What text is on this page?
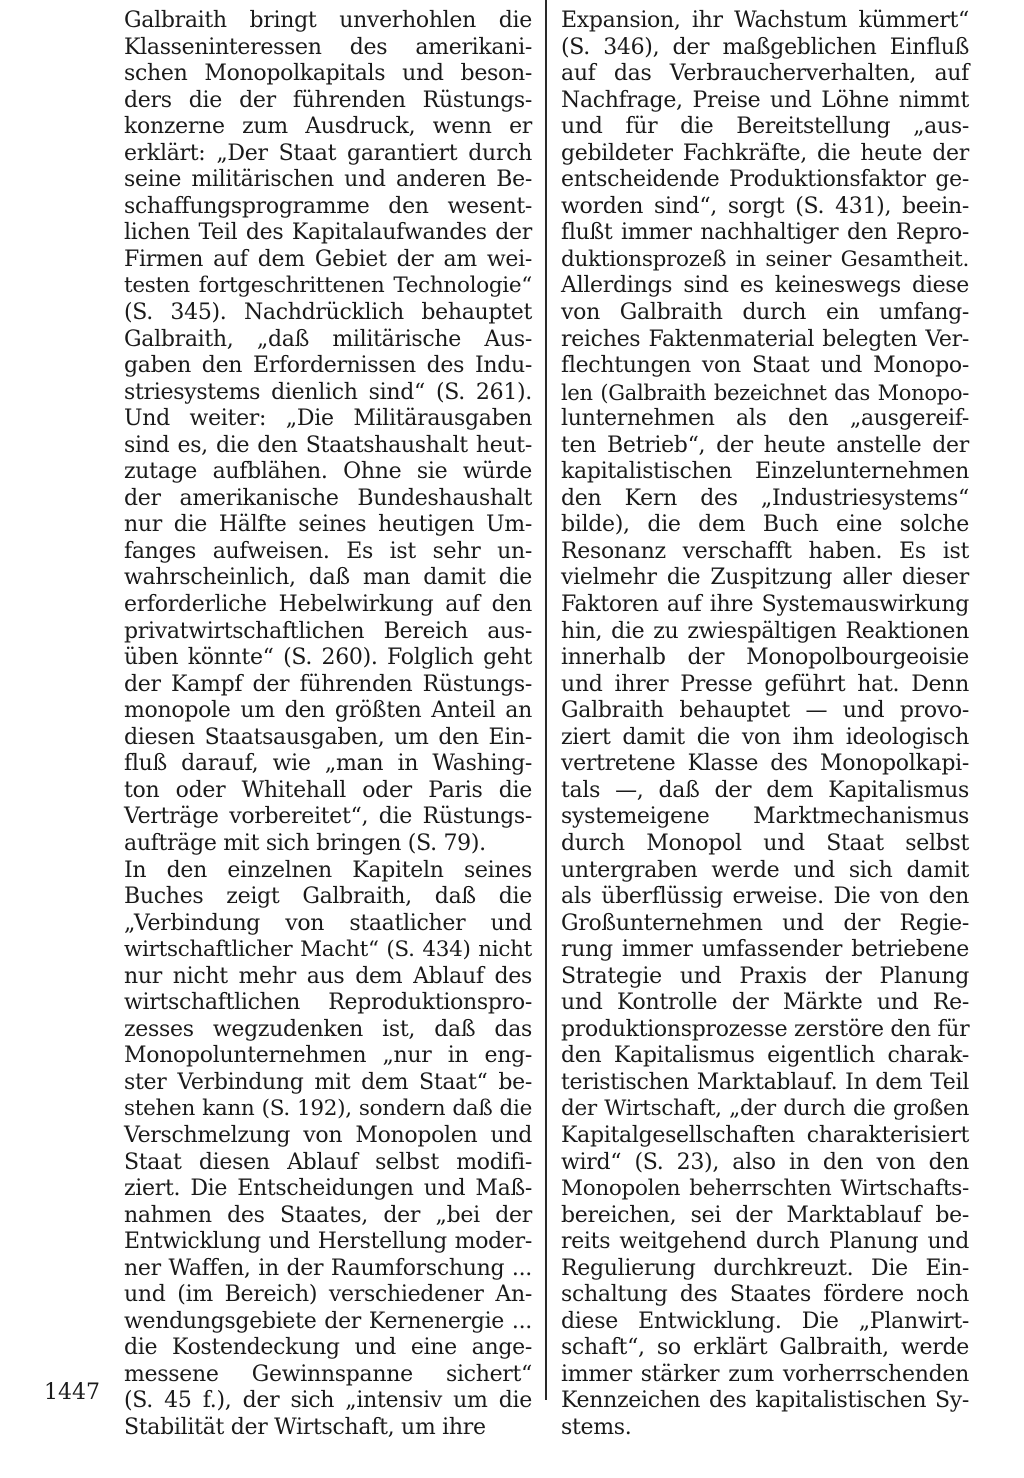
Galbraith bringt unverhohlen die
Klasseninteressen des amerikani-
schen Monopolkapitals und beson-
ders die der führenden Rüstungs-
konzerne zum Ausdruck, wenn er
erklärt: „Der Staat garantiert durch
seine militärischen und anderen Be-
schaffungsprogramme den wesent-
lichen Teil des Kapitalaufwandes der
Firmen auf dem Gebiet der am wei-
testen fortgeschrittenen Technologie“
(S. 345). Nachdrücklich behauptet
Galbraith, „daß militärische Aus-
gaben den Erfordernissen des Indu-
striesystems dienlich sind“ (S. 261).
Und weiter: „Die Militärausgaben
sind es, die den Staatshaushalt heut-
zutage aufblähen. Ohne sie würde
der amerikanische Bundeshaushalt
nur die Hälfte seines heutigen Um-
fanges aufweisen. Es ist sehr un-
wahrscheinlich, daß man damit die
erforderliche Hebelwirkung auf den
privatwirtschaftlichen Bereich aus-
üben könnte“ (S. 260). Folglich geht
der Kampf der führenden Rüstungs-
monopole um den größten Anteil an
diesen Staatsausgaben, um den Ein-
fluß darauf, wie „man in Washing-
ton oder Whitehall oder Paris die
Verträge vorbereitet“, die Rüstungs-
aufträge mit sich bringen (S. 79).
In den einzelnen Kapiteln seines
Buches zeigt Galbraith, daß die
„Verbindung von staatlicher und
wirtschaftlicher Macht“ (S. 434) nicht
nur nicht mehr aus dem Ablauf des
wirtschaftlichen Reproduktionspro-
zesses wegzudenken ist, daß das
Monopolunternehmen „nur in eng-
ster Verbindung mit dem Staat“ be-
stehen kann (S. 192), sondern daß die
Verschmelzung von Monopolen und
Staat diesen Ablauf selbst modifi-
ziert. Die Entscheidungen und Maß-
nahmen des Staates, der „bei der
Entwicklung und Herstellung moder-
ner Waffen, in der Raumforschung ...
und (im Bereich) verschiedener An-
wendungsgebiete der Kernenergie ...
die Kostendeckung und eine ange-
messene Gewinnspanne sichert“
(S. 45 f.), der sich „intensiv um die
Stabilität der Wirtschaft, um ihre
Expansion, ihr Wachstum kümmert“
(S. 346), der maßgeblichen Einfluß
auf das Verbraucherverhalten, auf
Nachfrage, Preise und Löhne nimmt
und für die Bereitstellung „aus-
gebildeter Fachkräfte, die heute der
entscheidende Produktionsfaktor ge-
worden sind“, sorgt (S. 431), beein-
flußt immer nachhaltiger den Repro-
duktionsprozeß in seiner Gesamtheit.
Allerdings sind es keineswegs diese
von Galbraith durch ein umfang-
reiches Faktenmaterial belegten Ver-
flechtungen von Staat und Monopo-
len (Galbraith bezeichnet das Monopo-
lunternehmen als den „ausgereif-
ten Betrieb“, der heute anstelle der
kapitalistischen Einzelunternehmen
den Kern des „Industriesystems“
bilde), die dem Buch eine solche
Resonanz verschafft haben. Es ist
vielmehr die Zuspitzung aller dieser
Faktoren auf ihre Systemauswirkung
hin, die zu zwiespältigen Reaktionen
innerhalb der Monopolbourgeoisie
und ihrer Presse geführt hat. Denn
Galbraith behauptet — und provo-
ziert damit die von ihm ideologisch
vertretene Klasse des Monopolkapi-
tals —, daß der dem Kapitalismus
systemeigene Marktmechanismus
durch Monopol und Staat selbst
untergraben werde und sich damit
als überflüssig erweise. Die von den
Großunternehmen und der Regie-
rung immer umfassender betriebene
Strategie und Praxis der Planung
und Kontrolle der Märkte und Re-
produktionsprozesse zerstöre den für
den Kapitalismus eigentlich charak-
teristischen Marktablauf. In dem Teil
der Wirtschaft, „der durch die großen
Kapitalgesellschaften charakterisiert
wird“ (S. 23), also in den von den
Monopolen beherrschten Wirtschafts-
bereichen, sei der Marktablauf be-
reits weitgehend durch Planung und
Regulierung durchkreuzt. Die Ein-
schaltung des Staates fördere noch
diese Entwicklung. Die „Planwirt-
schaft“, so erklärt Galbraith, werde
immer stärker zum vorherrschenden
Kennzeichen des kapitalistischen Sy-
stems.
1447
